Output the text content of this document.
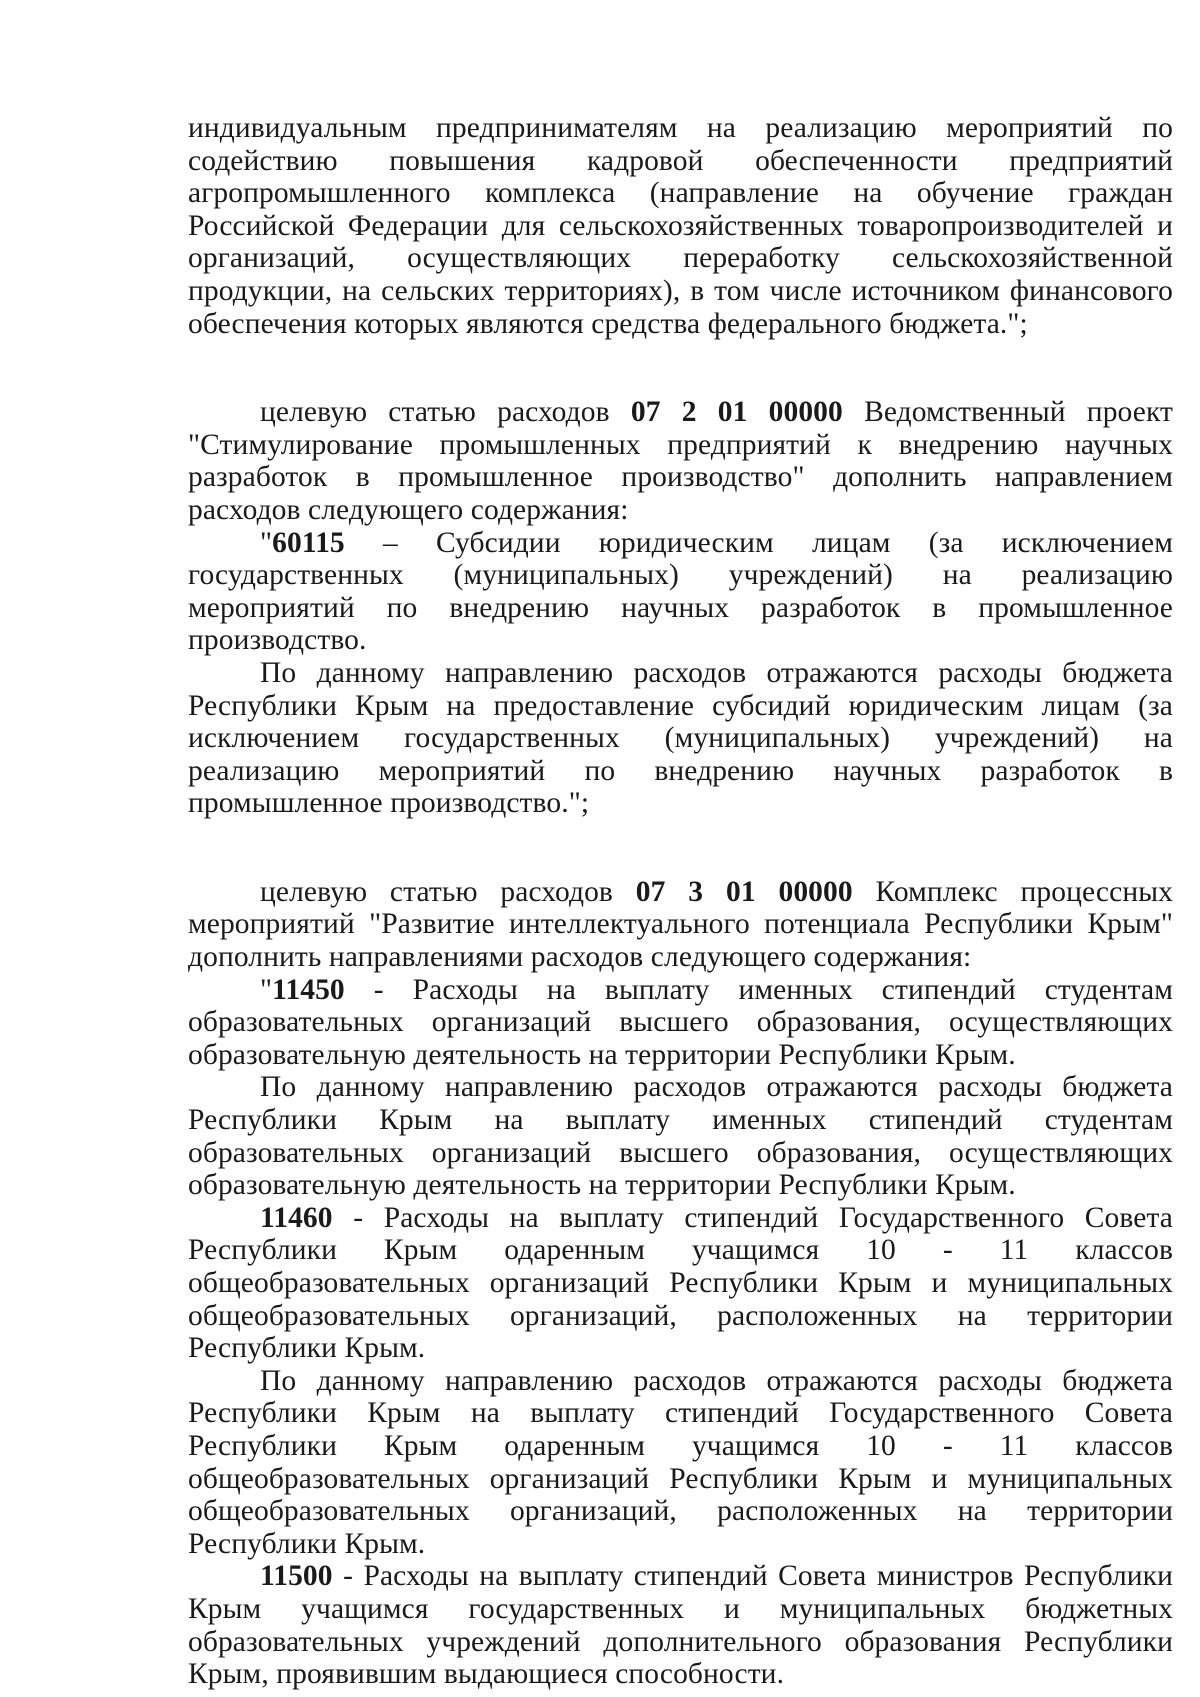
индивидуальным предпринимателям на реализацию мероприятий по содействию повышения кадровой обеспеченности предприятий агропромышленного комплекса (направление на обучение граждан Российской Федерации для сельскохозяйственных товаропроизводителей и организаций, осуществляющих переработку сельскохозяйственной продукции, на сельских территориях), в том числе источником финансового обеспечения которых являются средства федерального бюджета.";

целевую статью расходов 07 2 01 00000 Ведомственный проект "Стимулирование промышленных предприятий к внедрению научных разработок в промышленное производство" дополнить направлением расходов следующего содержания:

"60115 – Субсидии юридическим лицам (за исключением государственных (муниципальных) учреждений) на реализацию мероприятий по внедрению научных разработок в промышленное производство.

По данному направлению расходов отражаются расходы бюджета Республики Крым на предоставление субсидий юридическим лицам (за исключением государственных (муниципальных) учреждений) на реализацию мероприятий по внедрению научных разработок в промышленное производство.";

целевую статью расходов 07 3 01 00000 Комплекс процессных мероприятий "Развитие интеллектуального потенциала Республики Крым" дополнить направлениями расходов следующего содержания:

"11450 - Расходы на выплату именных стипендий студентам образовательных организаций высшего образования, осуществляющих образовательную деятельность на территории Республики Крым.

По данному направлению расходов отражаются расходы бюджета Республики Крым на выплату именных стипендий студентам образовательных организаций высшего образования, осуществляющих образовательную деятельность на территории Республики Крым.

11460 - Расходы на выплату стипендий Государственного Совета Республики Крым одаренным учащимся 10 - 11 классов общеобразовательных организаций Республики Крым и муниципальных общеобразовательных организаций, расположенных на территории Республики Крым.

По данному направлению расходов отражаются расходы бюджета Республики Крым на выплату стипендий Государственного Совета Республики Крым одаренным учащимся 10 - 11 классов общеобразовательных организаций Республики Крым и муниципальных общеобразовательных организаций, расположенных на территории Республики Крым.

11500 - Расходы на выплату стипендий Совета министров Республики Крым учащимся государственных и муниципальных бюджетных образовательных учреждений дополнительного образования Республики Крым, проявившим выдающиеся способности.
